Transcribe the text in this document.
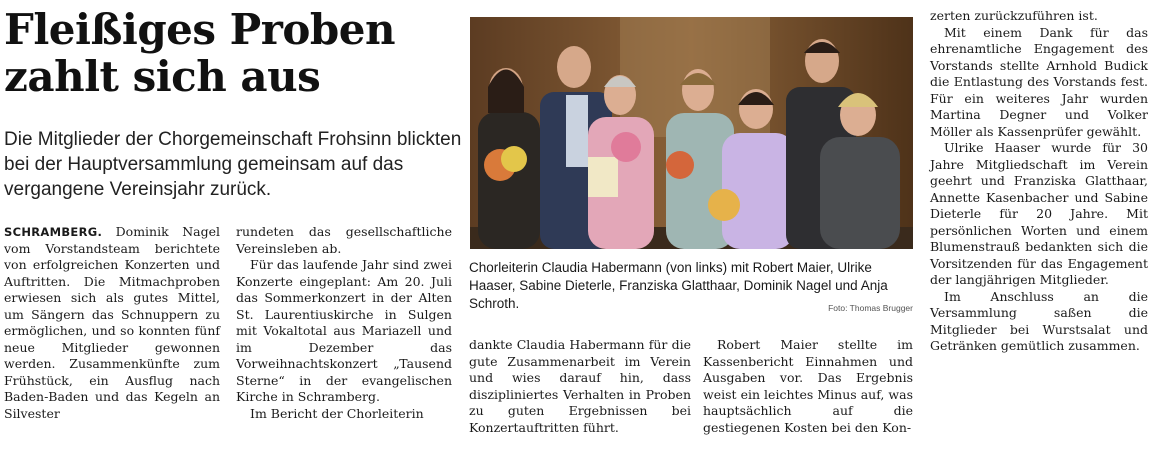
Fleißiges Proben zahlt sich aus
Die Mitglieder der Chorgemeinschaft Frohsinn blickten bei der Hauptversammlung gemeinsam auf das vergangene Vereinsjahr zurück.

SCHRAMBERG. Dominik Nagel vom Vorstandsteam berichtete von erfolgreichen Konzerten und Auftritten. Die Mitmachproben erwiesen sich als gutes Mittel, um Sängern das Schnuppern zu ermöglichen, und so konnten fünf neue Mitglieder gewonnen werden. Zusammenkünfte zum Frühstück, ein Ausflug nach Baden-Baden und das Kegeln an Silvester

rundeten das gesellschaftliche Vereinsleben ab.

Für das laufende Jahr sind zwei Konzerte eingeplant: Am 20. Juli das Sommerkonzert in der Alten St. Laurentiuskirche in Sulgen mit Vokaltotal aus Mariazell und im Dezember das Vorweihnachtskonzert „Tausend Sterne“ in der evangelischen Kirche in Schramberg.

Im Bericht der Chorleiterin

Chorleiterin Claudia Habermann (von links) mit Robert Maier, Ulrike Haaser, Sabine Dieterle, Franziska Glatthaar, Dominik Nagel und Anja Schroth.	Foto: Thomas Brugger

dankte Claudia Habermann für die gute Zusammenarbeit im Verein und wies darauf hin, dass diszipliniertes Verhalten in Proben zu guten Ergebnissen bei Konzertauftritten führt.

Robert Maier stellte im Kassenbericht Einnahmen und Ausgaben vor. Das Ergebnis weist ein leichtes Minus auf, was hauptsächlich auf die gestiegenen Kosten bei den Kon-

zerten zurückzuführen ist.

Mit einem Dank für das ehrenamtliche Engagement des Vorstands stellte Arnhold Budick die Entlastung des Vorstands fest. Für ein weiteres Jahr wurden Martina Degner und Volker Möller als Kassenprüfer gewählt.

Ulrike Haaser wurde für 30 Jahre Mitgliedschaft im Verein geehrt und Franziska Glatthaar, Annette Kasenbacher und Sabine Dieterle für 20 Jahre. Mit persönlichen Worten und einem Blumenstrauß bedankten sich die Vorsitzenden für das Engagement der langjährigen Mitglieder.

Im Anschluss an die Versammlung saßen die Mitglieder bei Wurstsalat und Getränken gemütlich zusammen.
